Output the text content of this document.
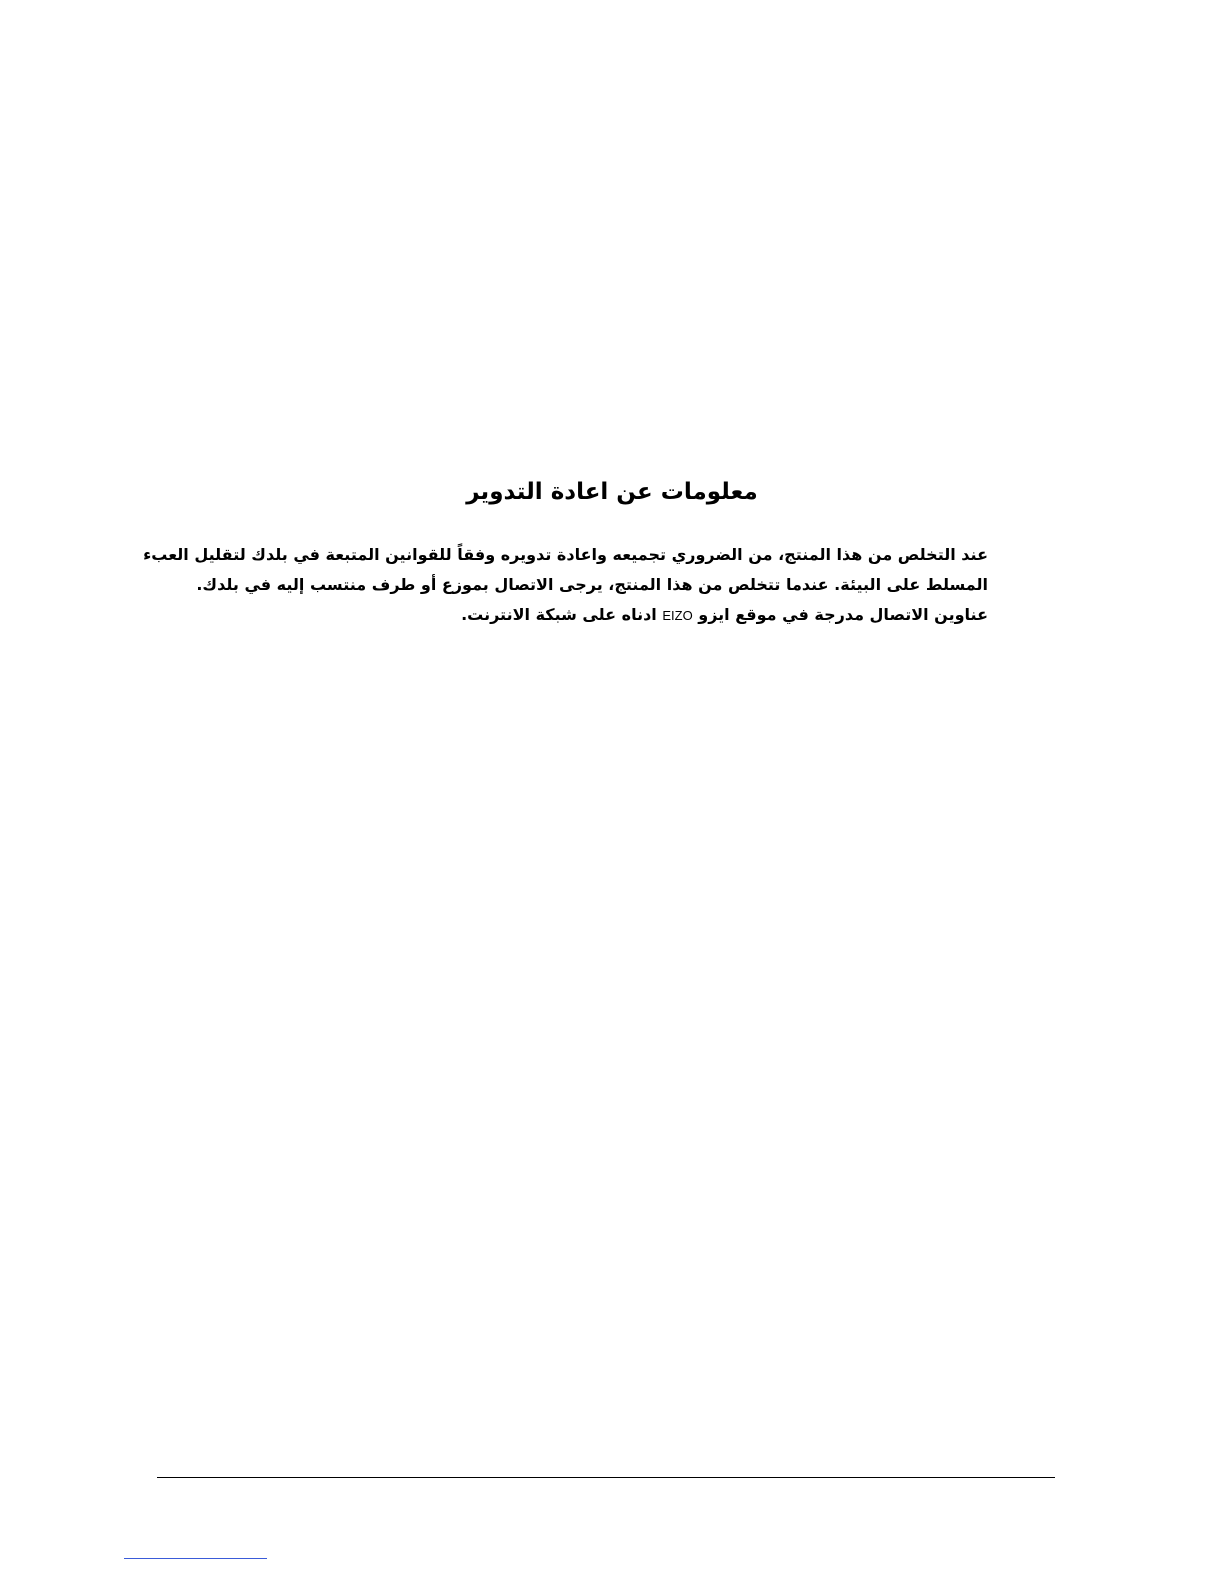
معلومات عن اعادة التدوير

عند التخلص من هذا المنتج، من الضروري تجميعه واعادة تدويره وفقاً للقوانين المتبعة في بلدك لتقليل العبء
المسلط على البيئة. عندما تتخلص من هذا المنتج، يرجى الاتصال بموزع أو طرف منتسب إليه في بلدك.
عناوين الاتصال مدرجة في موقع ايزو EIZO ادناه على شبكة الانترنت.
